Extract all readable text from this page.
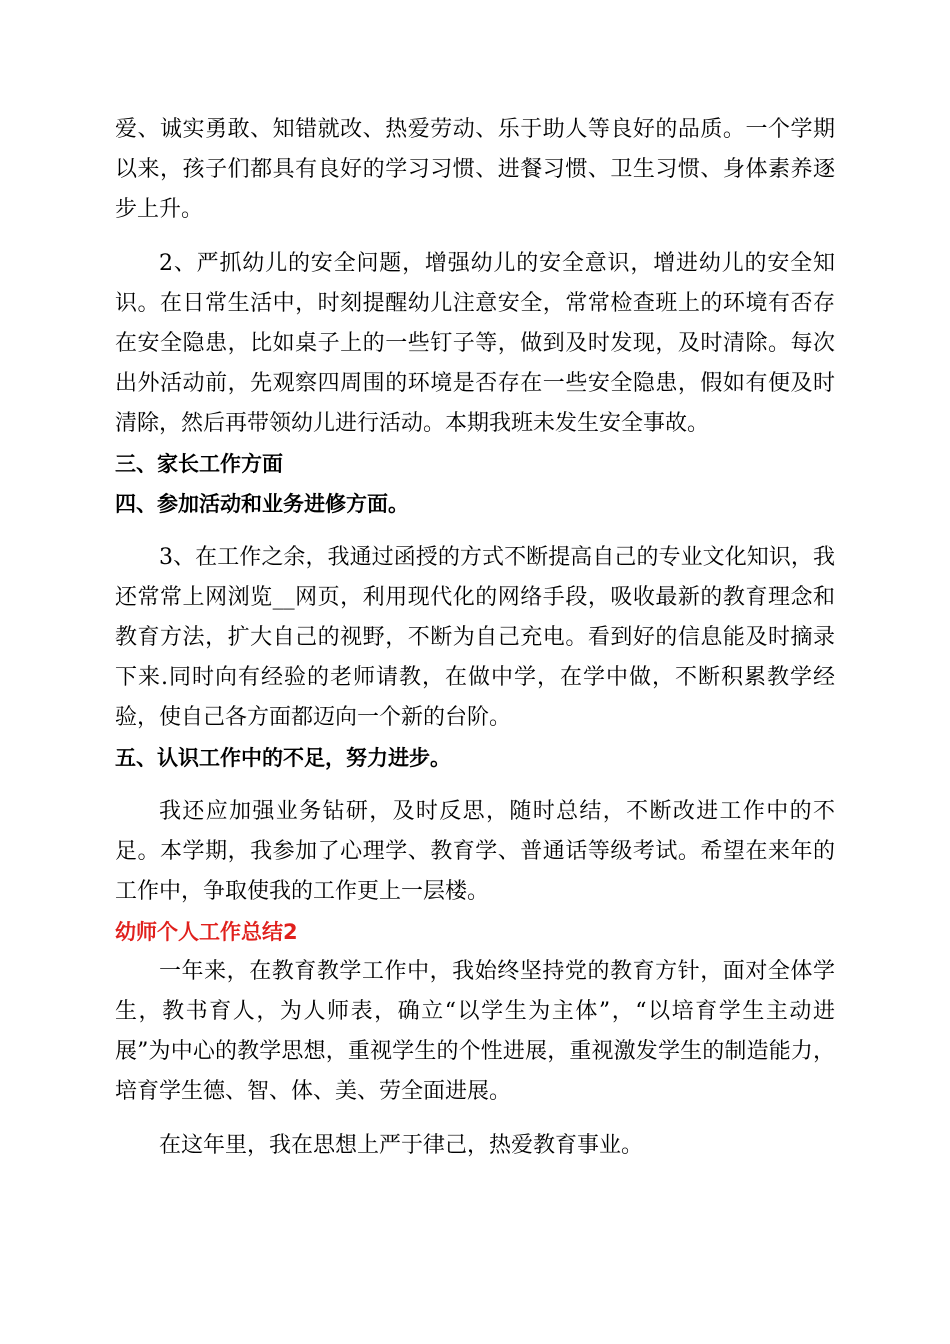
爱、诚实勇敢、知错就改、热爱劳动、乐于助人等良好的品质。一个学期以来，孩子们都具有良好的学习习惯、进餐习惯、卫生习惯、身体素养逐步上升。

2、严抓幼儿的安全问题，增强幼儿的安全意识，增进幼儿的安全知识。在日常生活中，时刻提醒幼儿注意安全，常常检查班上的环境有否存在安全隐患，比如桌子上的一些钉子等，做到及时发现，及时清除。每次出外活动前，先观察四周围的环境是否存在一些安全隐患，假如有便及时清除，然后再带领幼儿进行活动。本期我班未发生安全事故。

三、家长工作方面

四、参加活动和业务进修方面。

3、在工作之余，我通过函授的方式不断提高自己的专业文化知识，我还常常上网浏览__网页，利用现代化的网络手段，吸收最新的教育理念和教育方法，扩大自己的视野，不断为自己充电。看到好的信息能及时摘录下来.同时向有经验的老师请教，在做中学，在学中做，不断积累教学经验，使自己各方面都迈向一个新的台阶。

五、认识工作中的不足，努力进步。

我还应加强业务钻研，及时反思，随时总结，不断改进工作中的不足。本学期，我参加了心理学、教育学、普通话等级考试。希望在来年的工作中，争取使我的工作更上一层楼。

幼师个人工作总结2

一年来，在教育教学工作中，我始终坚持党的教育方针，面对全体学生，教书育人，为人师表，确立“以学生为主体”，“以培育学生主动进展”为中心的教学思想，重视学生的个性进展，重视激发学生的制造能力，培育学生德、智、体、美、劳全面进展。

在这年里，我在思想上严于律己，热爱教育事业。
